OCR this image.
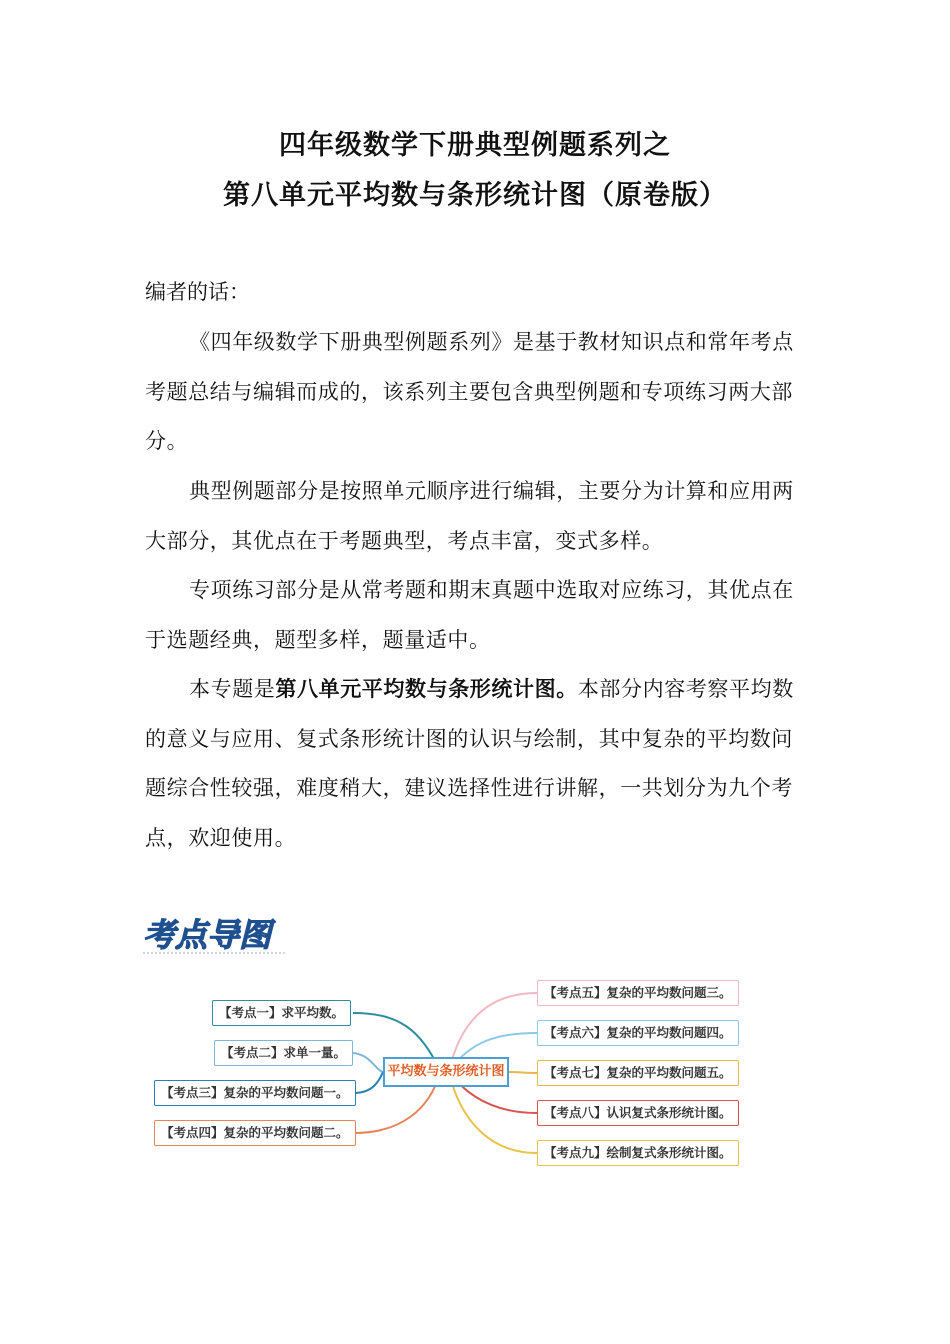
四年级数学下册典型例题系列之
第八单元平均数与条形统计图（原卷版）

编者的话：

《四年级数学下册典型例题系列》是基于教材知识点和常年考点考题总结与编辑而成的，该系列主要包含典型例题和专项练习两大部分。

典型例题部分是按照单元顺序进行编辑，主要分为计算和应用两大部分，其优点在于考题典型，考点丰富，变式多样。

专项练习部分是从常考题和期末真题中选取对应练习，其优点在于选题经典，题型多样，题量适中。

本专题是第八单元平均数与条形统计图。本部分内容考察平均数的意义与应用、复式条形统计图的认识与绘制，其中复杂的平均数问题综合性较强，难度稍大，建议选择性进行讲解，一共划分为九个考点，欢迎使用。

考点导图
平均数与条形统计图
【考点一】求平均数。
【考点二】求单一量。
【考点三】复杂的平均数问题一。
【考点四】复杂的平均数问题二。
【考点五】复杂的平均数问题三。
【考点六】复杂的平均数问题四。
【考点七】复杂的平均数问题五。
【考点八】认识复式条形统计图。
【考点九】绘制复式条形统计图。
